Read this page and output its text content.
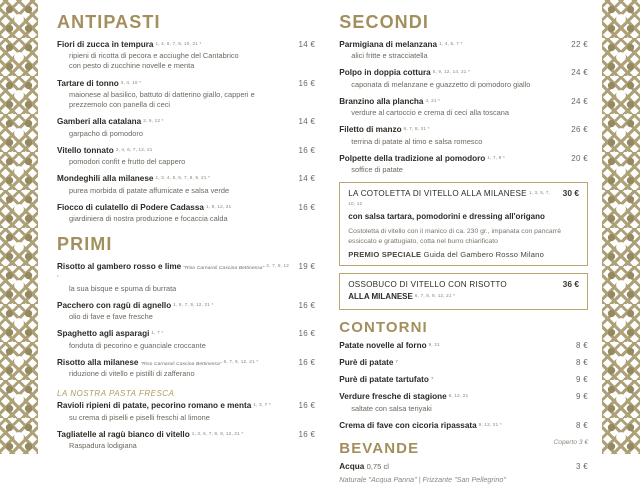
ANTIPASTI
Fiori di zucca in tempura $^{1, 4, 6, 7, 8, 10, 21 *}$	14 €
ripieni di ricotta di pecora e acciughe del Cantabrico
con pesto di zucchine novelle e menta
Tartare di tonno $^{3, 4, 10 *}$	16 €
maionese al basilico, battuto di datterino giallo, capperi e
prezzemolo con panella di ceci
Gamberi alla catalana $^{2, 9, 12 *}$	14 €
garpacho di pomodoro
Vitello tonnato $^{3, 4, 6, 7, 12, 21}$	16 €
pomodori confit e frutto del cappero
Mondeghili alla milanese $^{1, 3, 4, 5, 6, 7, 8, 9, 21 *}$	14 €
purea morbida di patate affumicate e salsa verde
Fiocco di culatello di Podere Cadassa $^{1, 8, 12, 21}$	16 €
giardiniera di nostra produzione e focaccia calda
PRIMI
Risotto al gambero rosso e lime "Riso Carnaroli Cascina Bettinessa"$^{2, 7, 9, 12 *}$
19 €
la sua bisque e spuma di burrata
Pacchero con ragù di agnello $^{1, 6, 7, 9, 12, 21 *}$	16 €
olio di fave e fave fresche
Spaghetto agli asparagi $^{1, 7 *}$	16 €
fonduta di pecorino e guanciale croccante
Risotto alla milanese "Riso Carnaroli Cascina Bettinessa"$^{6, 7, 9, 12, 21 *}$	16 €
riduzione di vitello e pistilli di zafferano
LA NOSTRA PASTA FRESCA
Ravioli ripieni di patate, pecorino romano e menta $^{1, 3, 7 *}$	16 €
su crema di piselli e piselli freschi al limone
Tagliatelle al ragù bianco di vitello $^{1, 3, 6, 7, 8, 9, 12, 21 *}$	16 €
Raspadura lodigiana
SECONDI
Parmigiana di melanzana $^{1, 4, 5, 7 *}$	22 €
alici fritte e stracciatella
Polpo in doppia cottura $^{5, 9, 12, 14, 21 *}$	24 €
caponata di melanzane e guazzetto di pomodoro giallo
Branzino alla plancha $^{4, 21 *}$	24 €
verdure al cartoccio e crema di ceci alla toscana
Filetto di manzo $^{6, 7, 8, 21 *}$	26 €
terrina di patate al timo e salsa romesco
Polpette della tradizione al pomodoro $^{1, 7, 8 *}$	20 €
soffice di patate
LA COTOLETTA DI VITELLO ALLA MILANESE $^{1, 3, 5, 7, 10, 12}$
30 €
con salsa tartara, pomodorini e dressing all'origano
Costoletta di vitello con il manico di ca. 230 gr., impanata con pancarré
essiccato e grattugiato, cotta nel burro chiarificato
PREMIO SPECIALE Guida del Gambero Rosso Milano
OSSOBUCO DI VITELLO CON RISOTTO
ALLA MILANESE $^{6, 7, 8, 9, 12, 21 *}$
36 €
CONTORNI
Patate novelle al forno $^{9, 21}$	8 €
Purè di patate $^7$	8 €
Purè di patate tartufato $^7$	9 €
Verdure fresche di stagione $^{6, 12, 21}$	9 €
saltate con salsa teriyaki
Crema di fave con cicoria ripassata $^{9, 12, 21 *}$	8 €
BEVANDE
Acqua 0,75 cl	3 €
Naturale "Acqua Panna" | Frizzante "San Pellegrino"
Coperto 3 €
